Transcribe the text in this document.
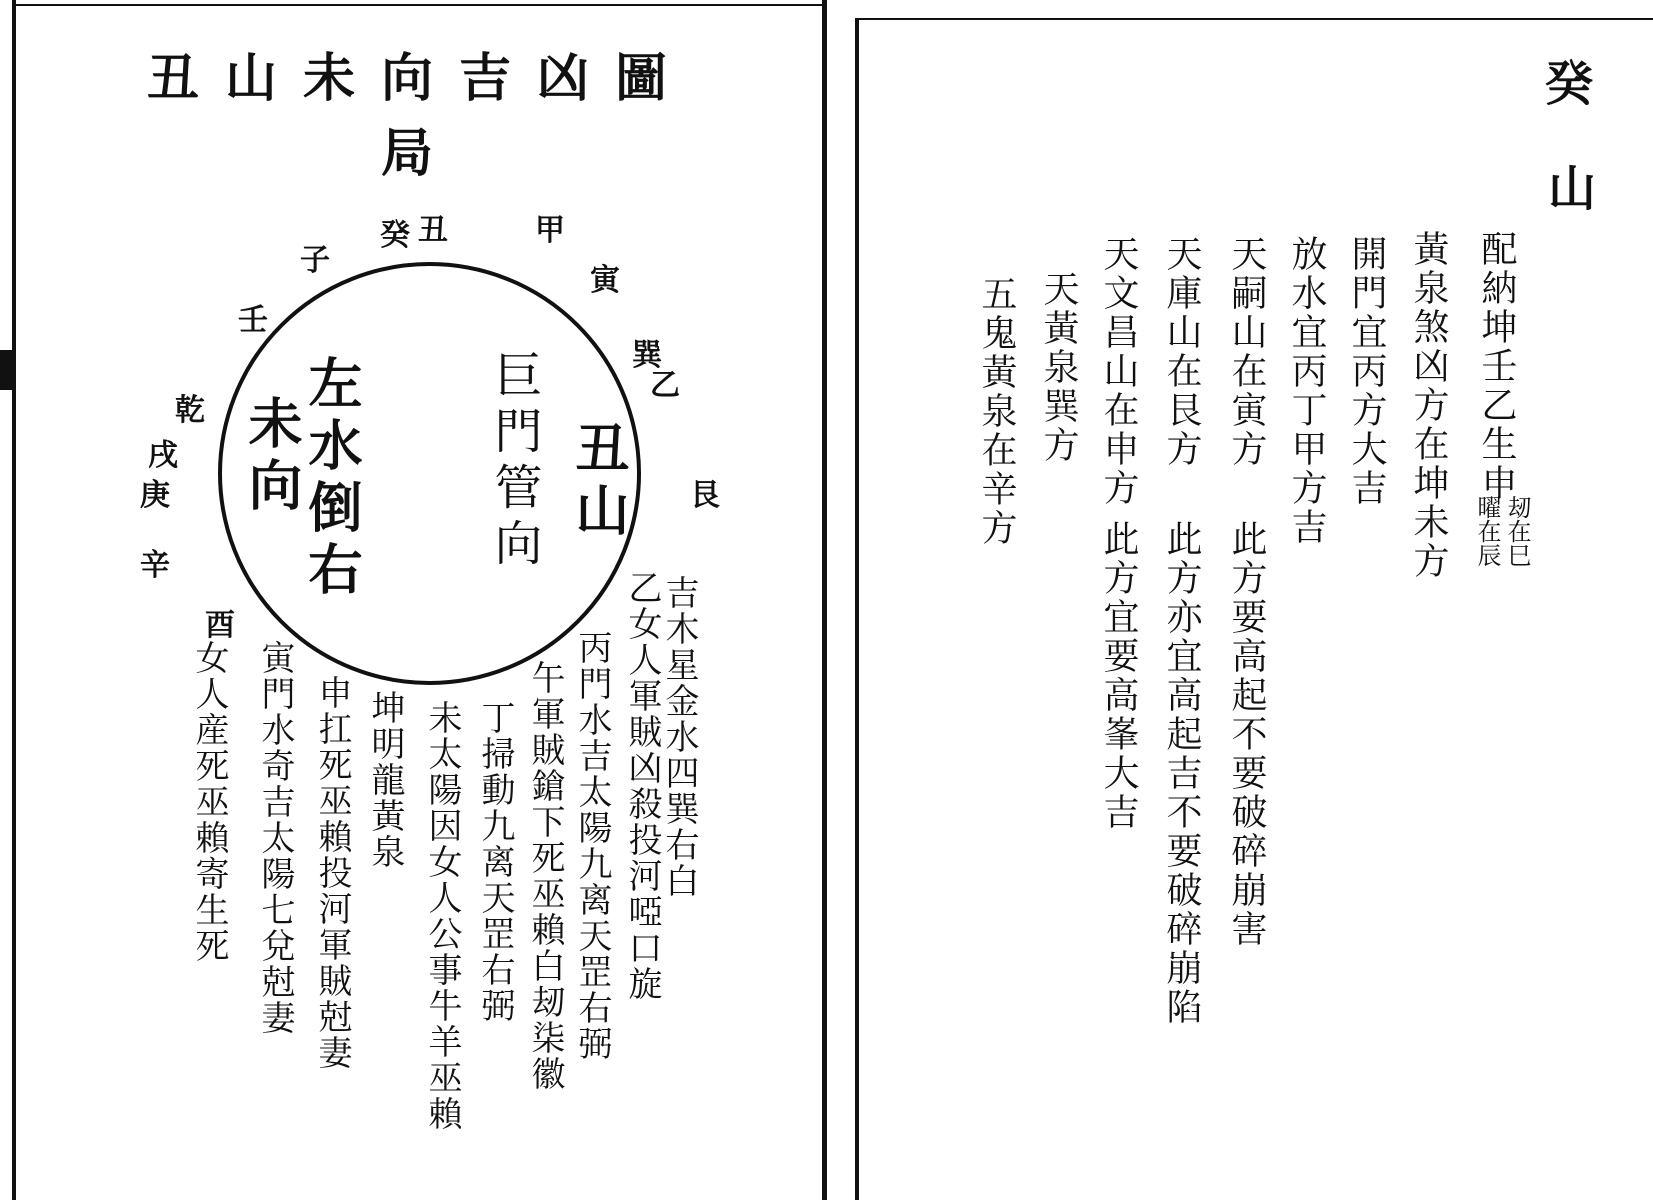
丑山未向吉凶圖局
丑山
巨門管向
左水倒右
未向	艮
乙
巽
寅
甲
丑
癸
子
壬
乾
戌
辛
酉
庚
吉木星金水四巽右白
乙女人軍賊凶殺投河啞口旋
丙門水吉太陽九离天罡右弼
午軍賊鎗下死巫賴白刼柒徽
丁掃動九离天罡右弼
未太陽因女人公事牛羊巫賴
坤明龍黃泉
申扛死巫賴投河軍賊尅妻
寅門水奇吉太陽七兌尅妻
女人産死巫賴寄生死
癸
山
配納坤壬乙生申
刼在巳
曜在辰
黃泉煞凶方在坤未方
開門宜丙方大吉
放水宜丙丁甲方吉
天嗣山在寅方
此方要高起不要破碎崩害
天庫山在艮方
此方亦宜高起吉不要破碎崩陷
天文昌山在申方
此方宜要高峯大吉
天黃泉巽方
五鬼黃泉在辛方
